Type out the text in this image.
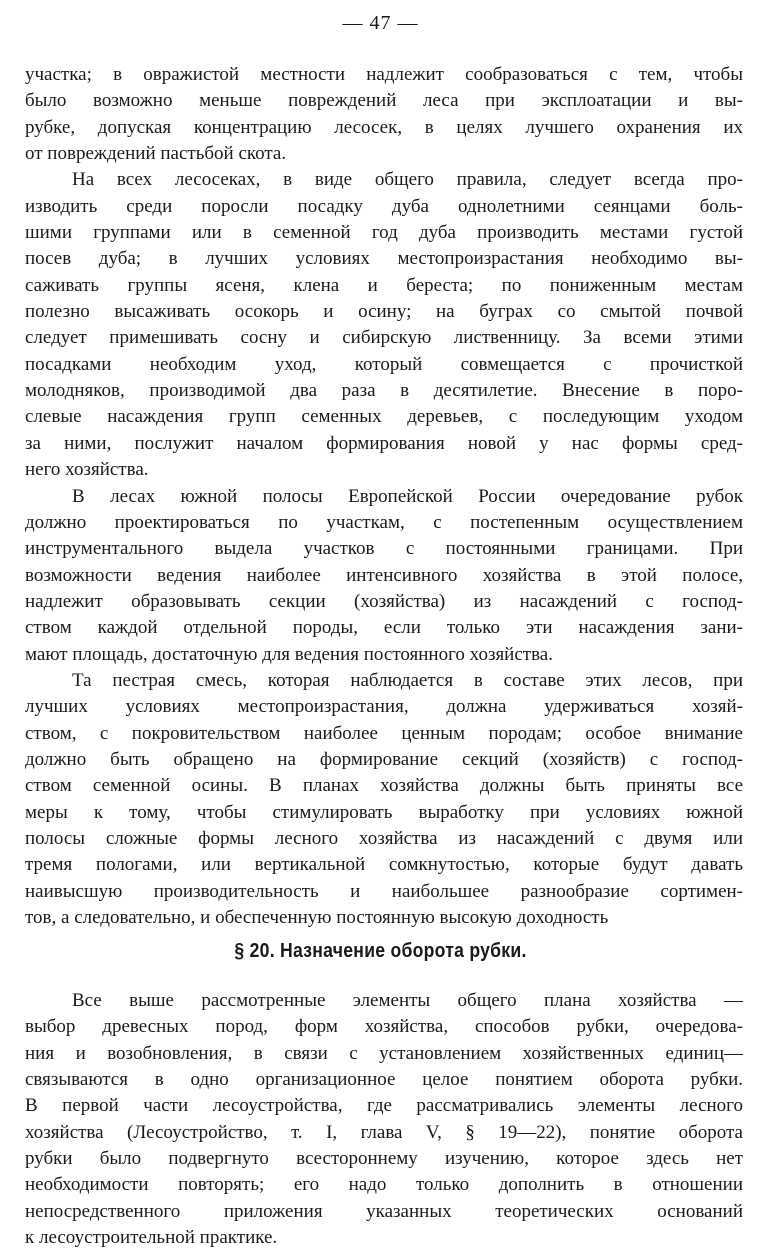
— 47 —
участка; в овражистой местности надлежит сообразоваться с тем, чтобы
было возможно меньше повреждений леса при эксплоатации и вы-
рубке, допуская концентрацию лесосек, в целях лучшего охранения их
от повреждений пастьбой скота.
На всех лесосеках, в виде общего правила, следует всегда про-
изводить среди поросли посадку дуба однолетними сеянцами боль-
шими группами или в семенной год дуба производить местами густой
посев дуба; в лучших условиях местопроизрастания необходимо вы-
саживать группы ясеня, клена и береста; по пониженным местам
полезно высаживать осокорь и осину; на буграх со смытой почвой
следует примешивать сосну и сибирскую лиственницу. За всеми этими
посадками необходим уход, который совмещается с прочисткой
молодняков, производимой два раза в десятилетие. Внесение в поро-
слевые насаждения групп семенных деревьев, с последующим уходом
за ними, послужит началом формирования новой у нас формы сред-
него хозяйства.
В лесах южной полосы Европейской России очередование рубок
должно проектироваться по участкам, с постепенным осуществлением
инструментального выдела участков с постоянными границами. При
возможности ведения наиболее интенсивного хозяйства в этой полосе,
надлежит образовывать секции (хозяйства) из насаждений с господ-
ством каждой отдельной породы, если только эти насаждения зани-
мают площадь, достаточную для ведения постоянного хозяйства.
Та пестрая смесь, которая наблюдается в составе этих лесов, при
лучших условиях местопроизрастания, должна удерживаться хозяй-
ством, с покровительством наиболее ценным породам; особое внимание
должно быть обращено на формирование секций (хозяйств) с господ-
ством семенной осины. В планах хозяйства должны быть приняты все
меры к тому, чтобы стимулировать выработку при условиях южной
полосы сложные формы лесного хозяйства из насаждений с двумя или
тремя пологами, или вертикальной сомкнутостью, которые будут давать
наивысшую производительность и наибольшее разнообразие сортимен-
тов, а следовательно, и обеспеченную постоянную высокую доходность
§ 20. Назначение оборота рубки.
Все выше рассмотренные элементы общего плана хозяйства —
выбор древесных пород, форм хозяйства, способов рубки, очередова-
ния и возобновления, в связи с установлением хозяйственных единиц—
связываются в одно организационное целое понятием оборота рубки.
В первой части лесоустройства, где рассматривались элементы лесного
хозяйства (Лесоустройство, т. I, глава V, § 19—22), понятие оборота
рубки было подвергнуто всестороннему изучению, которое здесь нет
необходимости повторять; его надо только дополнить в отношении
непосредственного приложения указанных теоретических оснований
к лесоустроительной практике.
